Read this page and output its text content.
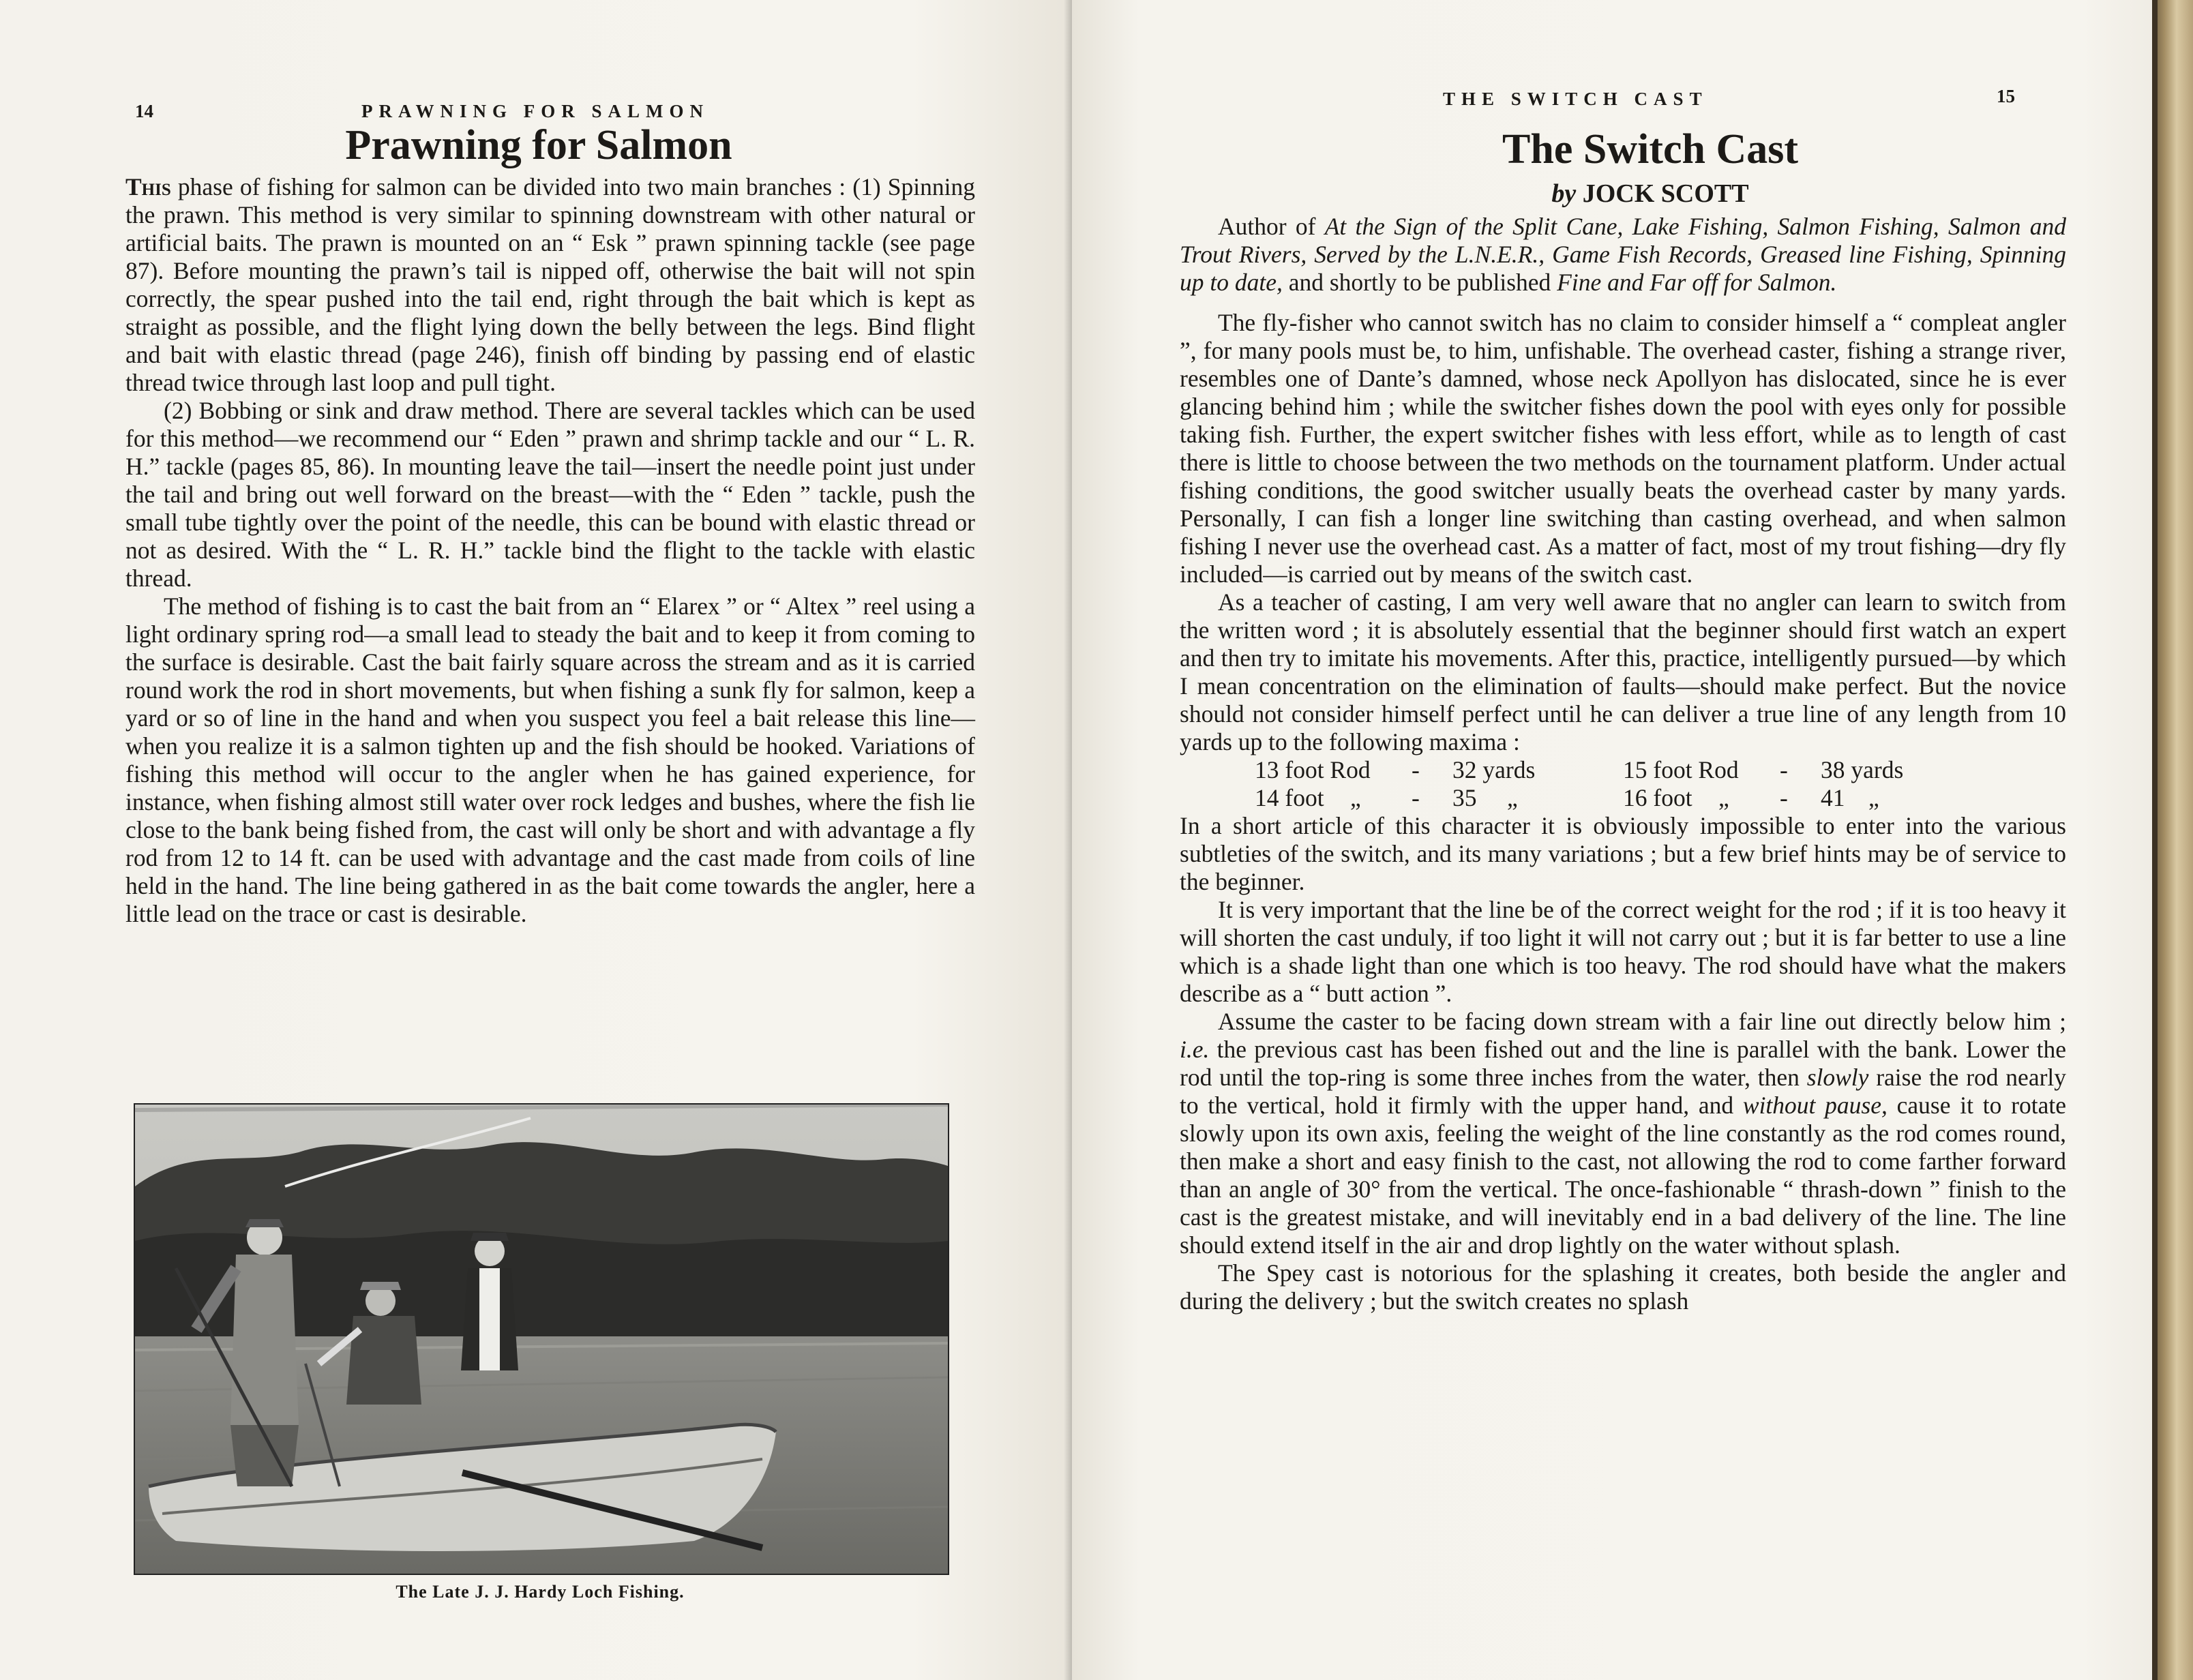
14	PRAWNING FOR SALMON
Prawning for Salmon

This phase of fishing for salmon can be divided into two main branches : (1) Spinning the prawn. This method is very similar to spinning downstream with other natural or artificial baits. The prawn is mounted on an “ Esk ” prawn spinning tackle (see page 87). Before mounting the prawn’s tail is nipped off, otherwise the bait will not spin correctly, the spear pushed into the tail end, right through the bait which is kept as straight as possible, and the flight lying down the belly between the legs. Bind flight and bait with elastic thread (page 246), finish off binding by passing end of elastic thread twice through last loop and pull tight.

(2) Bobbing or sink and draw method. There are several tackles which can be used for this method—we recommend our “ Eden ” prawn and shrimp tackle and our “ L. R. H.” tackle (pages 85, 86). In mounting leave the tail—insert the needle point just under the tail and bring out well forward on the breast—with the “ Eden ” tackle, push the small tube tightly over the point of the needle, this can be bound with elastic thread or not as desired. With the “ L. R. H.” tackle bind the flight to the tackle with elastic thread.

The method of fishing is to cast the bait from an “ Elarex ” or “ Altex ” reel using a light ordinary spring rod—a small lead to steady the bait and to keep it from coming to the surface is desirable. Cast the bait fairly square across the stream and as it is carried round work the rod in short movements, but when fishing a sunk fly for salmon, keep a yard or so of line in the hand and when you suspect you feel a bait release this line—when you realize it is a salmon tighten up and the fish should be hooked. Variations of fishing this method will occur to the angler when he has gained experience, for instance, when fishing almost still water over rock ledges and bushes, where the fish lie close to the bank being fished from, the cast will only be short and with advantage a fly rod from 12 to 14 ft. can be used with advantage and the cast made from coils of line held in the hand. The line being gathered in as the bait come towards the angler, here a little lead on the trace or cast is desirable.

The Late J. J. Hardy Loch Fishing.
THE SWITCH CAST	15
The Switch Cast
by JOCK SCOTT

Author of At the Sign of the Split Cane, Lake Fishing, Salmon Fishing, Salmon and Trout Rivers, Served by the L.N.E.R., Game Fish Records, Greased line Fishing, Spinning up to date, and shortly to be published Fine and Far off for Salmon.

The fly-fisher who cannot switch has no claim to consider himself a “ compleat angler ”, for many pools must be, to him, unfishable. The overhead caster, fishing a strange river, resembles one of Dante’s damned, whose neck Apollyon has dislocated, since he is ever glancing behind him ; while the switcher fishes down the pool with eyes only for possible taking fish. Further, the expert switcher fishes with less effort, while as to length of cast there is little to choose between the two methods on the tournament platform. Under actual fishing conditions, the good switcher usually beats the overhead caster by many yards. Personally, I can fish a longer line switching than casting overhead, and when salmon fishing I never use the overhead cast. As a matter of fact, most of my trout fishing—dry fly included—is carried out by means of the switch cast.

As a teacher of casting, I am very well aware that no angler can learn to switch from the written word ; it is absolutely essential that the beginner should first watch an expert and then try to imitate his movements. After this, practice, intelligently pursued—by which I mean concentration on the elimination of faults—should make perfect. But the novice should not consider himself perfect until he can deliver a true line of any length from 10 yards up to the following maxima :

13 foot Rod	-	32 yards	15 foot Rod	-	38 yards
14 foot	„	-	35	„	16 foot	„	-	41 „

In a short article of this character it is obviously impossible to enter into the various subtleties of the switch, and its many variations ; but a few brief hints may be of service to the beginner.

It is very important that the line be of the correct weight for the rod ; if it is too heavy it will shorten the cast unduly, if too light it will not carry out ; but it is far better to use a line which is a shade light than one which is too heavy. The rod should have what the makers describe as a “ butt action ”.

Assume the caster to be facing down stream with a fair line out directly below him ; i.e. the previous cast has been fished out and the line is parallel with the bank. Lower the rod until the top-ring is some three inches from the water, then slowly raise the rod nearly to the vertical, hold it firmly with the upper hand, and without pause, cause it to rotate slowly upon its own axis, feeling the weight of the line constantly as the rod comes round, then make a short and easy finish to the cast, not allowing the rod to come farther forward than an angle of 30° from the vertical. The once-fashionable “ thrash-down ” finish to the cast is the greatest mistake, and will inevitably end in a bad delivery of the line. The line should extend itself in the air and drop lightly on the water without splash.

The Spey cast is notorious for the splashing it creates, both beside the angler and during the delivery ; but the switch creates no splash
